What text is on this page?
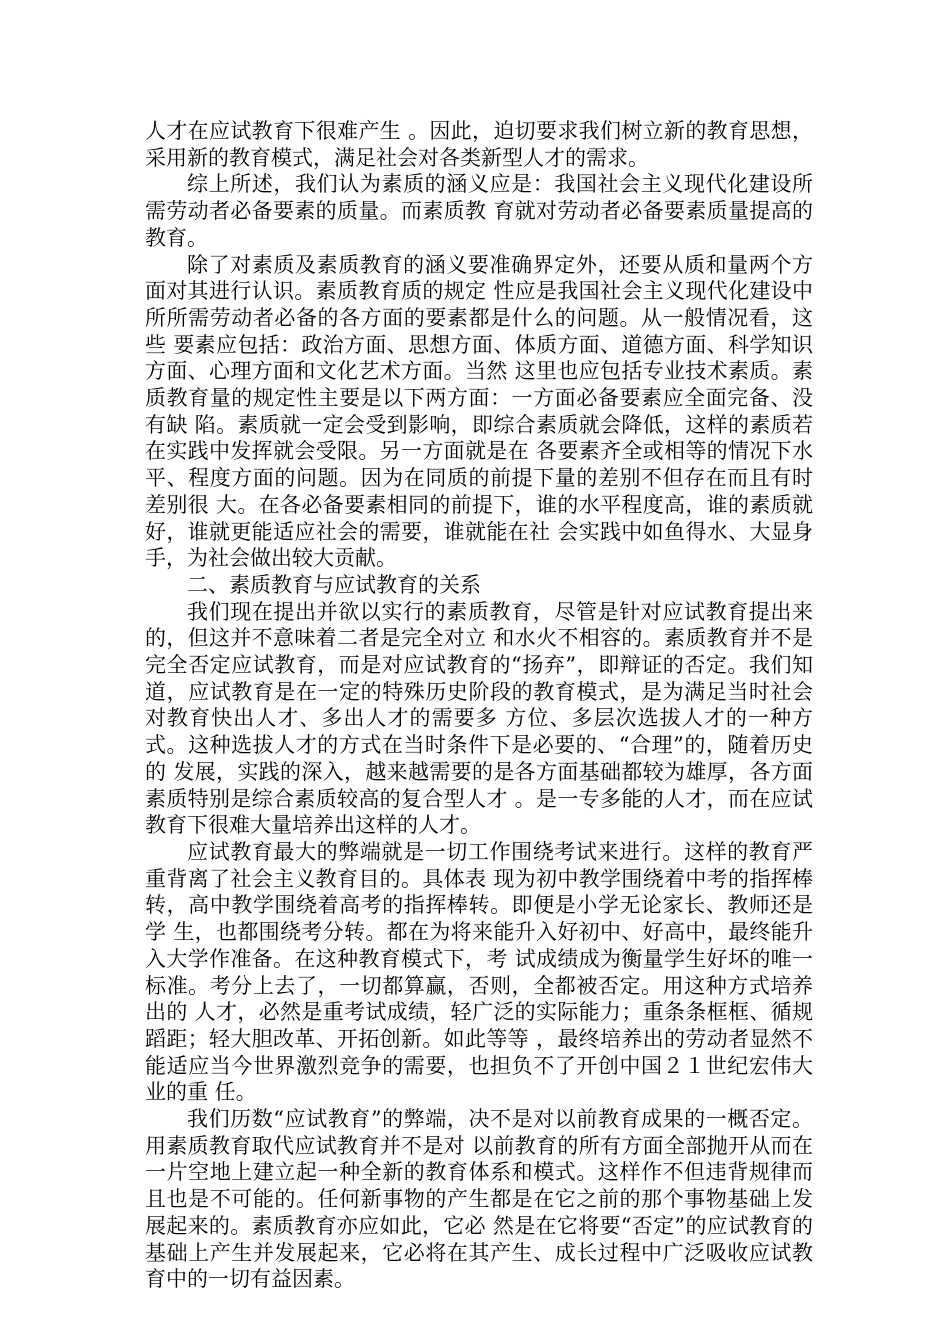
人才在应试教育下很难产生 。因此，迫切要求我们树立新的教育思想，采用新的教育模式，满足社会对各类新型人才的需求。

综上所述，我们认为素质的涵义应是：我国社会主义现代化建设所需劳动者必备要素的质量。而素质教 育就对劳动者必备要素质量提高的教育。

除了对素质及素质教育的涵义要准确界定外，还要从质和量两个方面对其进行认识。素质教育质的规定 性应是我国社会主义现代化建设中所所需劳动者必备的各方面的要素都是什么的问题。从一般情况看，这些 要素应包括：政治方面、思想方面、体质方面、道德方面、科学知识方面、心理方面和文化艺术方面。当然 这里也应包括专业技术素质。素质教育量的规定性主要是以下两方面：一方面必备要素应全面完备、没有缺 陷。素质就一定会受到影响，即综合素质就会降低，这样的素质若在实践中发挥就会受限。另一方面就是在 各要素齐全或相等的情况下水平、程度方面的问题。因为在同质的前提下量的差别不但存在而且有时差别很 大。在各必备要素相同的前提下，谁的水平程度高，谁的素质就好，谁就更能适应社会的需要，谁就能在社 会实践中如鱼得水、大显身手，为社会做出较大贡献。

二、素质教育与应试教育的关系

我们现在提出并欲以实行的素质教育，尽管是针对应试教育提出来的，但这并不意味着二者是完全对立 和水火不相容的。素质教育并不是完全否定应试教育，而是对应试教育的“扬弃”，即辩证的否定。我们知 道，应试教育是在一定的特殊历史阶段的教育模式，是为满足当时社会对教育快出人才、多出人才的需要多 方位、多层次选拔人才的一种方式。这种选拔人才的方式在当时条件下是必要的、“合理”的，随着历史的 发展，实践的深入，越来越需要的是各方面基础都较为雄厚，各方面素质特别是综合素质较高的复合型人才 。是一专多能的人才，而在应试教育下很难大量培养出这样的人才。

应试教育最大的弊端就是一切工作围绕考试来进行。这样的教育严重背离了社会主义教育目的。具体表 现为初中教学围绕着中考的指挥棒转，高中教学围绕着高考的指挥棒转。即便是小学无论家长、教师还是学 生，也都围绕考分转。都在为将来能升入好初中、好高中，最终能升入大学作准备。在这种教育模式下，考 试成绩成为衡量学生好坏的唯一标准。考分上去了，一切都算赢，否则，全都被否定。用这种方式培养出的 人才，必然是重考试成绩，轻广泛的实际能力；重条条框框、循规蹈距；轻大胆改革、开拓创新。如此等等 ，最终培养出的劳动者显然不能适应当今世界激烈竞争的需要，也担负不了开创中国２１世纪宏伟大业的重 任。

我们历数“应试教育”的弊端，决不是对以前教育成果的一概否定。用素质教育取代应试教育并不是对 以前教育的所有方面全部抛开从而在一片空地上建立起一种全新的教育体系和模式。这样作不但违背规律而 且也是不可能的。任何新事物的产生都是在它之前的那个事物基础上发展起来的。素质教育亦应如此，它必 然是在它将要“否定”的应试教育的基础上产生并发展起来，它必将在其产生、成长过程中广泛吸收应试教 育中的一切有益因素。
